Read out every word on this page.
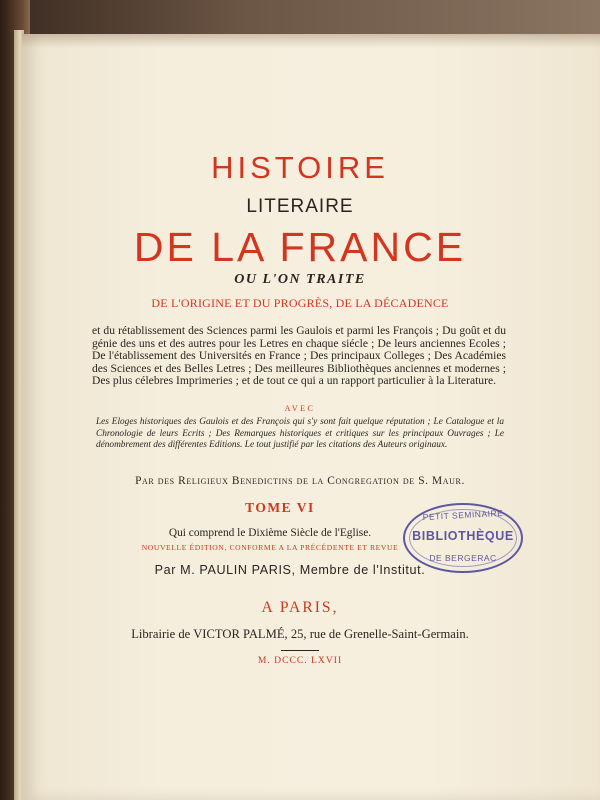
HISTOIRE
LITERAIRE
DE LA FRANCE
OU L'ON TRAITE
DE L'ORIGINE ET DU PROGRÈS, DE LA DÉCADENCE
et du rétablissement des Sciences parmi les Gaulois et parmi les François ; Du goût et du génie des uns et des autres pour les Letres en chaque siécle ; De leurs anciennes Ecoles ; De l'établissement des Universités en France ; Des principaux Colleges ; Des Académies des Sciences et des Belles Letres ; Des meilleures Bibliothèques anciennes et modernes ; Des plus célebres Imprimeries ; et de tout ce qui a un rapport particulier à la Literature.
AVEC
Les Eloges historiques des Gaulois et des François qui s'y sont fait quelque réputation ; Le Catalogue et la Chronologie de leurs Ecrits ; Des Remarques historiques et critiques sur les principaux Ouvrages ; Le dénombrement des différentes Editions. Le tout justifié par les citations des Auteurs originaux.
Par des Religieux Benedictins de la Congregation de S. Maur.
TOME VI
Qui comprend le Dixième Siècle de l'Eglise.
NOUVELLE ÉDITION, CONFORME A LA PRÉCÉDENTE ET REVUE
Par M. PAULIN PARIS, Membre de l'Institut.
A PARIS,
Librairie de VICTOR PALMÉ, 25, rue de Grenelle-Saint-Germain.
M. DCCC. LXVII
PETIT SEMINAIRE
BIBLIOTHÈQUE
DE BERGERAC
